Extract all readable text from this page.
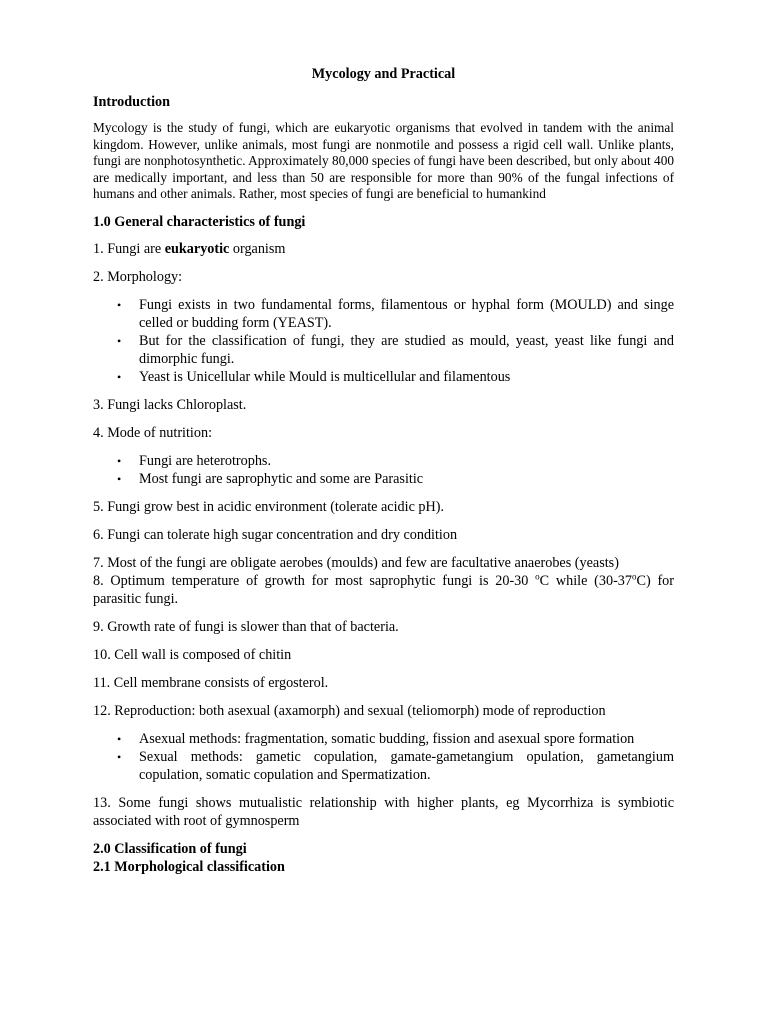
Mycology and Practical

Introduction

Mycology is the study of fungi, which are eukaryotic organisms that evolved in tandem with the animal kingdom. However, unlike animals, most fungi are nonmotile and possess a rigid cell wall. Unlike plants, fungi are nonphotosynthetic. Approximately 80,000 species of fungi have been described, but only about 400 are medically important, and less than 50 are responsible for more than 90% of the fungal infections of humans and other animals. Rather, most species of fungi are beneficial to humankind

1.0 General characteristics of fungi

1. Fungi are eukaryotic organism

2. Morphology:

• Fungi exists in two fundamental forms, filamentous or hyphal form (MOULD) and singe celled or budding form (YEAST).
• But for the classification of fungi, they are studied as mould, yeast, yeast like fungi and dimorphic fungi.
• Yeast is Unicellular while Mould is multicellular and filamentous

3. Fungi lacks Chloroplast.

4. Mode of nutrition:

• Fungi are heterotrophs.
• Most fungi are saprophytic and some are Parasitic

5. Fungi grow best in acidic environment (tolerate acidic pH).

6. Fungi can tolerate high sugar concentration and dry condition

7. Most of the fungi are obligate aerobes (moulds) and few are facultative anaerobes (yeasts)

8. Optimum temperature of growth for most saprophytic fungi is 20-30 $^o$C while (30-37$^o$C) for parasitic fungi.

9. Growth rate of fungi is slower than that of bacteria.

10. Cell wall is composed of chitin

11. Cell membrane consists of ergosterol.

12. Reproduction: both asexual (axamorph) and sexual (teliomorph) mode of reproduction

• Asexual methods: fragmentation, somatic budding, fission and asexual spore formation
• Sexual methods: gametic copulation, gamate-gametangium opulation, gametangium copulation, somatic copulation and Spermatization.

13. Some fungi shows mutualistic relationship with higher plants, eg Mycorrhiza is symbiotic associated with root of gymnosperm

2.0 Classification of fungi

2.1 Morphological classification
